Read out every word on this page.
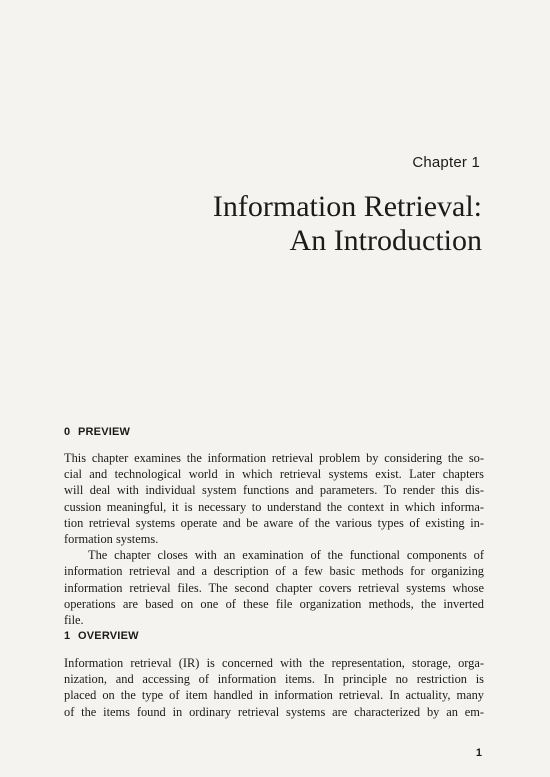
Chapter 1
Information Retrieval:
An Introduction
0 PREVIEW
This chapter examines the information retrieval problem by considering the so-
cial and technological world in which retrieval systems exist. Later chapters
will deal with individual system functions and parameters. To render this dis-
cussion meaningful, it is necessary to understand the context in which informa-
tion retrieval systems operate and be aware of the various types of existing in-
formation systems.
The chapter closes with an examination of the functional components of
information retrieval and a description of a few basic methods for organizing
information retrieval files. The second chapter covers retrieval systems whose
operations are based on one of these file organization methods, the inverted
file.
1 OVERVIEW
Information retrieval (IR) is concerned with the representation, storage, orga-
nization, and accessing of information items. In principle no restriction is
placed on the type of item handled in information retrieval. In actuality, many
of the items found in ordinary retrieval systems are characterized by an em-
1
